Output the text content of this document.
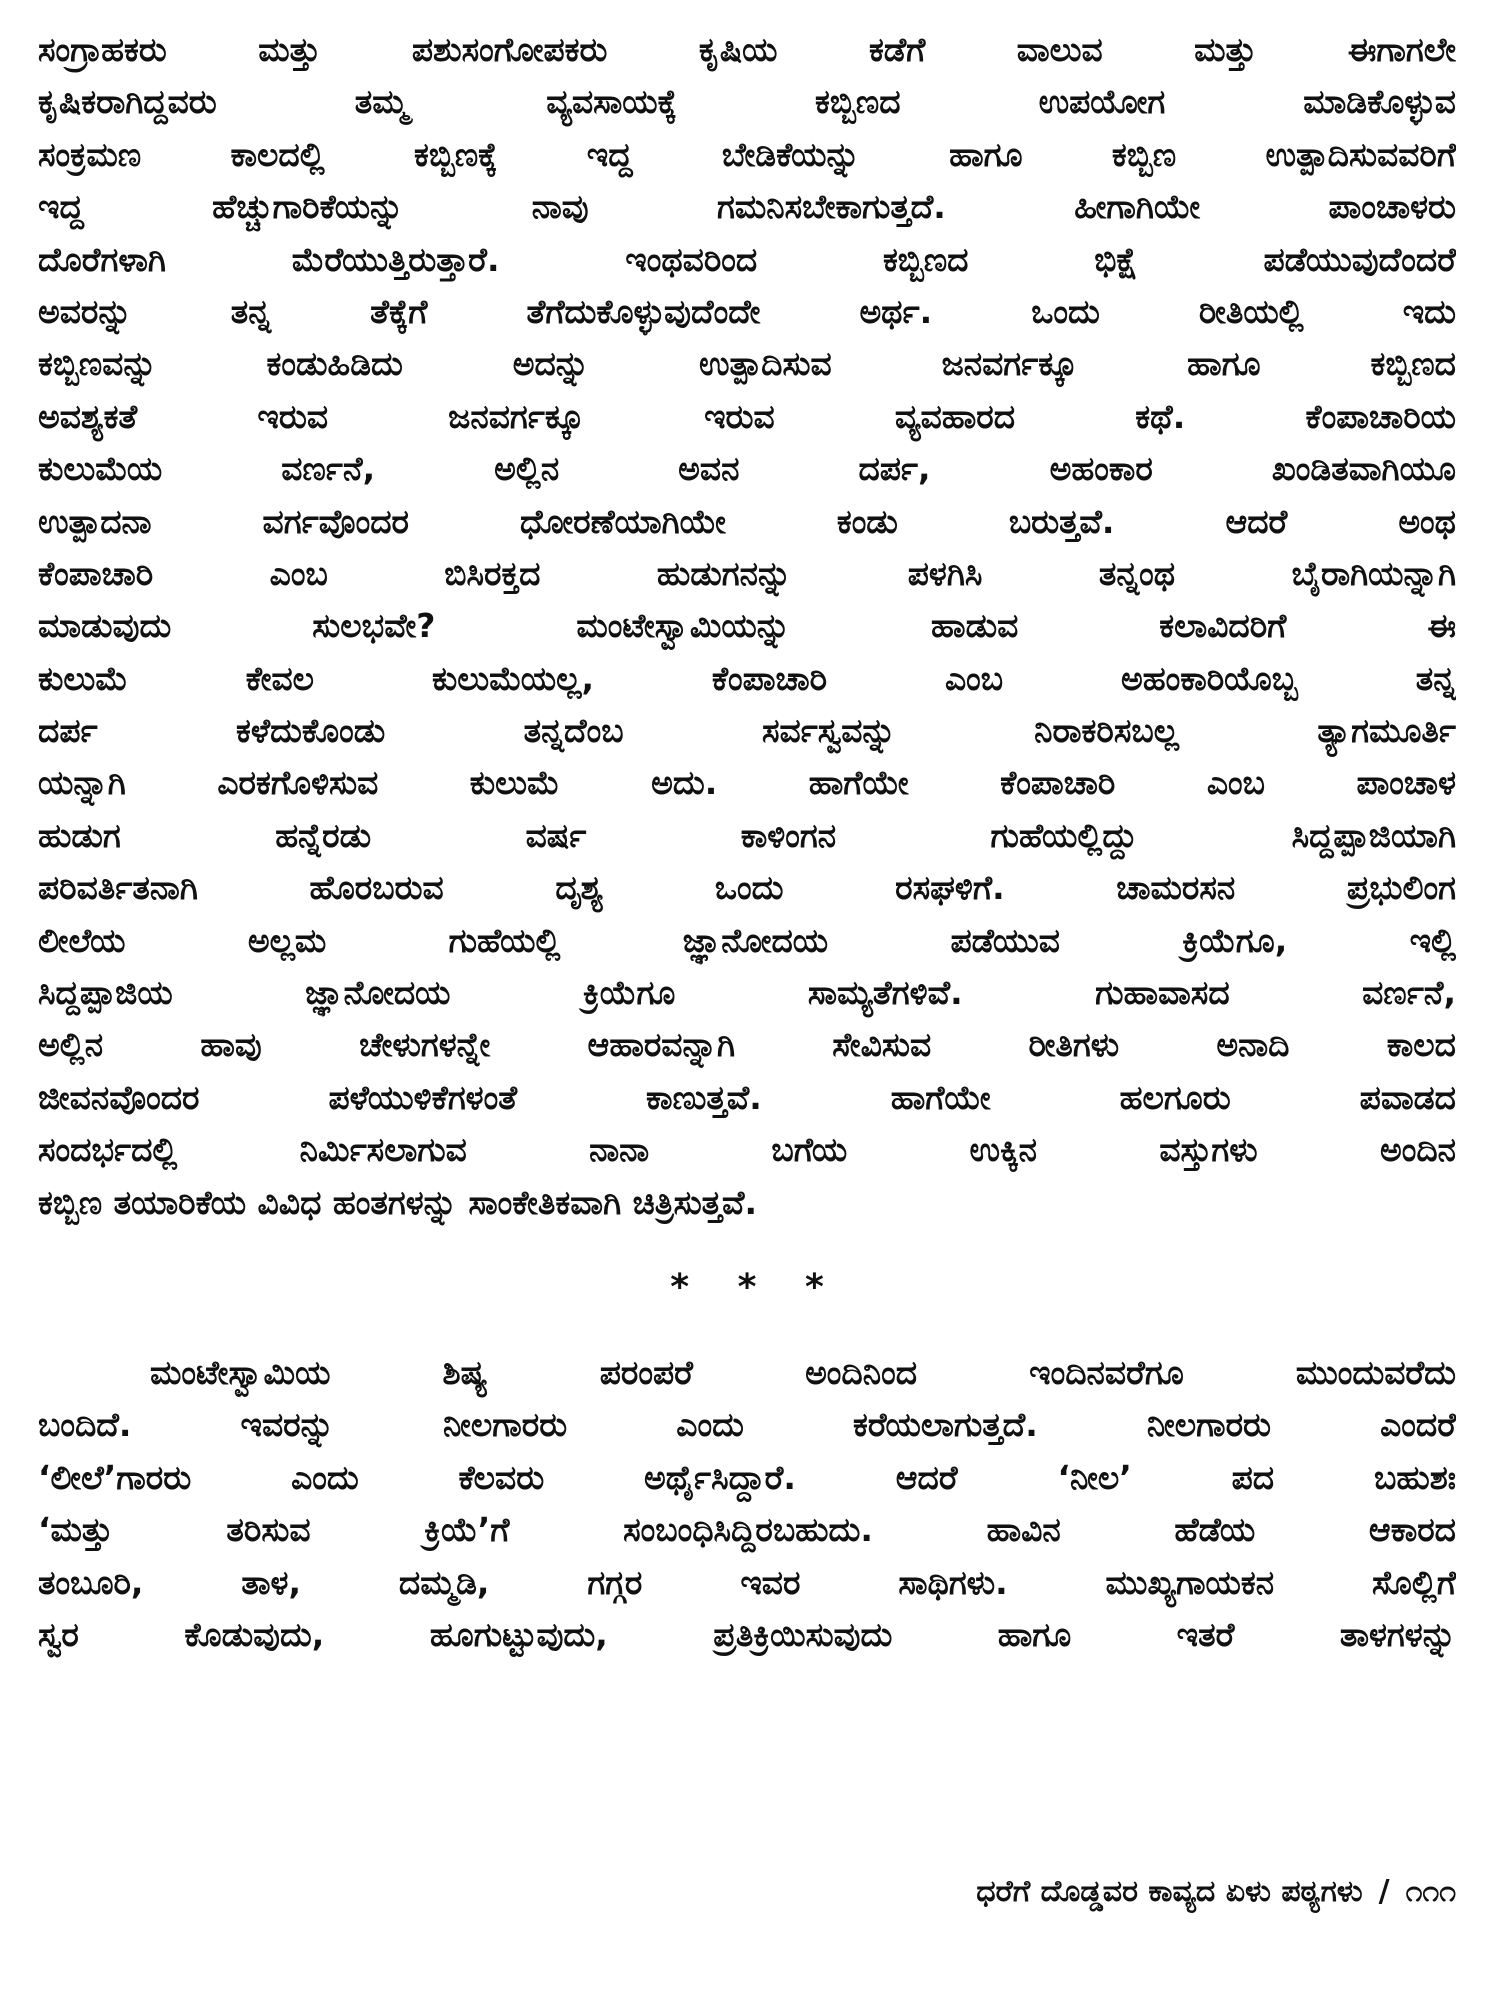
ಸಂಗ್ರಾಹಕರು ಮತ್ತು ಪಶುಸಂಗೋಪಕರು ಕೃಷಿಯ ಕಡೆಗೆ ವಾಲುವ ಮತ್ತು ಈಗಾಗಲೇ
ಕೃಷಿಕರಾಗಿದ್ದವರು ತಮ್ಮ ವ್ಯವಸಾಯಕ್ಕೆ ಕಬ್ಬಿಣದ ಉಪಯೋಗ ಮಾಡಿಕೊಳ್ಳುವ
ಸಂಕ್ರಮಣ ಕಾಲದಲ್ಲಿ ಕಬ್ಬಿಣಕ್ಕೆ ಇದ್ದ ಬೇಡಿಕೆಯನ್ನು ಹಾಗೂ ಕಬ್ಬಿಣ ಉತ್ಪಾದಿಸುವವರಿಗೆ
ಇದ್ದ ಹೆಚ್ಚುಗಾರಿಕೆಯನ್ನು ನಾವು ಗಮನಿಸಬೇಕಾಗುತ್ತದೆ. ಹೀಗಾಗಿಯೇ ಪಾಂಚಾಳರು
ದೊರೆಗಳಾಗಿ ಮೆರೆಯುತ್ತಿರುತ್ತಾರೆ. ಇಂಥವರಿಂದ ಕಬ್ಬಿಣದ ಭಿಕ್ಷೆ ಪಡೆಯುವುದೆಂದರೆ
ಅವರನ್ನು ತನ್ನ ತೆಕ್ಕೆಗೆ ತೆಗೆದುಕೊಳ್ಳುವುದೆಂದೇ ಅರ್ಥ. ಒಂದು ರೀತಿಯಲ್ಲಿ ಇದು
ಕಬ್ಬಿಣವನ್ನು ಕಂಡುಹಿಡಿದು ಅದನ್ನು ಉತ್ಪಾದಿಸುವ ಜನವರ್ಗಕ್ಕೂ ಹಾಗೂ ಕಬ್ಬಿಣದ
ಅವಶ್ಯಕತೆ ಇರುವ ಜನವರ್ಗಕ್ಕೂ ಇರುವ ವ್ಯವಹಾರದ ಕಥೆ. ಕೆಂಪಾಚಾರಿಯ
ಕುಲುಮೆಯ ವರ್ಣನೆ, ಅಲ್ಲಿನ ಅವನ ದರ್ಪ, ಅಹಂಕಾರ ಖಂಡಿತವಾಗಿಯೂ
ಉತ್ಪಾದನಾ ವರ್ಗವೊಂದರ ಧೋರಣೆಯಾಗಿಯೇ ಕಂಡು ಬರುತ್ತವೆ. ಆದರೆ ಅಂಥ
ಕೆಂಪಾಚಾರಿ ಎಂಬ ಬಿಸಿರಕ್ತದ ಹುಡುಗನನ್ನು ಪಳಗಿಸಿ ತನ್ನಂಥ ಬೈರಾಗಿಯನ್ನಾಗಿ
ಮಾಡುವುದು ಸುಲಭವೇ? ಮಂಟೇಸ್ವಾಮಿಯನ್ನು ಹಾಡುವ ಕಲಾವಿದರಿಗೆ ಈ
ಕುಲುಮೆ ಕೇವಲ ಕುಲುಮೆಯಲ್ಲ, ಕೆಂಪಾಚಾರಿ ಎಂಬ ಅಹಂಕಾರಿಯೊಬ್ಬ ತನ್ನ
ದರ್ಪ ಕಳೆದುಕೊಂಡು ತನ್ನದೆಂಬ ಸರ್ವಸ್ವವನ್ನು ನಿರಾಕರಿಸಬಲ್ಲ ತ್ಯಾಗಮೂರ್ತಿ
ಯನ್ನಾಗಿ ಎರಕಗೊಳಿಸುವ ಕುಲುಮೆ ಅದು. ಹಾಗೆಯೇ ಕೆಂಪಾಚಾರಿ ಎಂಬ ಪಾಂಚಾಳ
ಹುಡುಗ ಹನ್ನೆರಡು ವರ್ಷ ಕಾಳಿಂಗನ ಗುಹೆಯಲ್ಲಿದ್ದು ಸಿದ್ದಪ್ಪಾಜಿಯಾಗಿ
ಪರಿವರ್ತಿತನಾಗಿ ಹೊರಬರುವ ದೃಶ್ಯ ಒಂದು ರಸಘಳಿಗೆ. ಚಾಮರಸನ ಪ್ರಭುಲಿಂಗ
ಲೀಲೆಯ ಅಲ್ಲಮ ಗುಹೆಯಲ್ಲಿ ಜ್ಞಾನೋದಯ ಪಡೆಯುವ ಕ್ರಿಯೆಗೂ, ಇಲ್ಲಿ
ಸಿದ್ದಪ್ಪಾಜಿಯ ಜ್ಞಾನೋದಯ ಕ್ರಿಯೆಗೂ ಸಾಮ್ಯತೆಗಳಿವೆ. ಗುಹಾವಾಸದ ವರ್ಣನೆ,
ಅಲ್ಲಿನ ಹಾವು ಚೇಳುಗಳನ್ನೇ ಆಹಾರವನ್ನಾಗಿ ಸೇವಿಸುವ ರೀತಿಗಳು ಅನಾದಿ ಕಾಲದ
ಜೀವನವೊಂದರ ಪಳೆಯುಳಿಕೆಗಳಂತೆ ಕಾಣುತ್ತವೆ. ಹಾಗೆಯೇ ಹಲಗೂರು ಪವಾಡದ
ಸಂದರ್ಭದಲ್ಲಿ ನಿರ್ಮಿಸಲಾಗುವ ನಾನಾ ಬಗೆಯ ಉಕ್ಕಿನ ವಸ್ತುಗಳು ಅಂದಿನ
ಕಬ್ಬಿಣ ತಯಾರಿಕೆಯ ವಿವಿಧ ಹಂತಗಳನ್ನು ಸಾಂಕೇತಿಕವಾಗಿ ಚಿತ್ರಿಸುತ್ತವೆ.
* * *
ಮಂಟೇಸ್ವಾಮಿಯ ಶಿಷ್ಯ ಪರಂಪರೆ ಅಂದಿನಿಂದ ಇಂದಿನವರೆಗೂ ಮುಂದುವರೆದು
ಬಂದಿದೆ. ಇವರನ್ನು ನೀಲಗಾರರು ಎಂದು ಕರೆಯಲಾಗುತ್ತದೆ. ನೀಲಗಾರರು ಎಂದರೆ
‘ಲೀಲೆ’ಗಾರರು ಎಂದು ಕೆಲವರು ಅರ್ಥೈಸಿದ್ದಾರೆ. ಆದರೆ ‘ನೀಲ’ ಪದ ಬಹುಶಃ
‘ಮತ್ತು ತರಿಸುವ ಕ್ರಿಯೆ’ಗೆ ಸಂಬಂಧಿಸಿದ್ದಿರಬಹುದು. ಹಾವಿನ ಹೆಡೆಯ ಆಕಾರದ
ತಂಬೂರಿ, ತಾಳ, ದಮ್ಮಡಿ, ಗಗ್ಗರ ಇವರ ಸಾಥಿಗಳು. ಮುಖ್ಯಗಾಯಕನ ಸೊಲ್ಲಿಗೆ
ಸ್ವರ ಕೊಡುವುದು, ಹೂಗುಟ್ಟುವುದು, ಪ್ರತಿಕ್ರಿಯಿಸುವುದು ಹಾಗೂ ಇತರೆ ತಾಳಗಳನ್ನು
ಧರೆಗೆ ದೊಡ್ಡವರ ಕಾವ್ಯದ ಏಳು ಪಠ್ಯಗಳು / ೧೧೧
